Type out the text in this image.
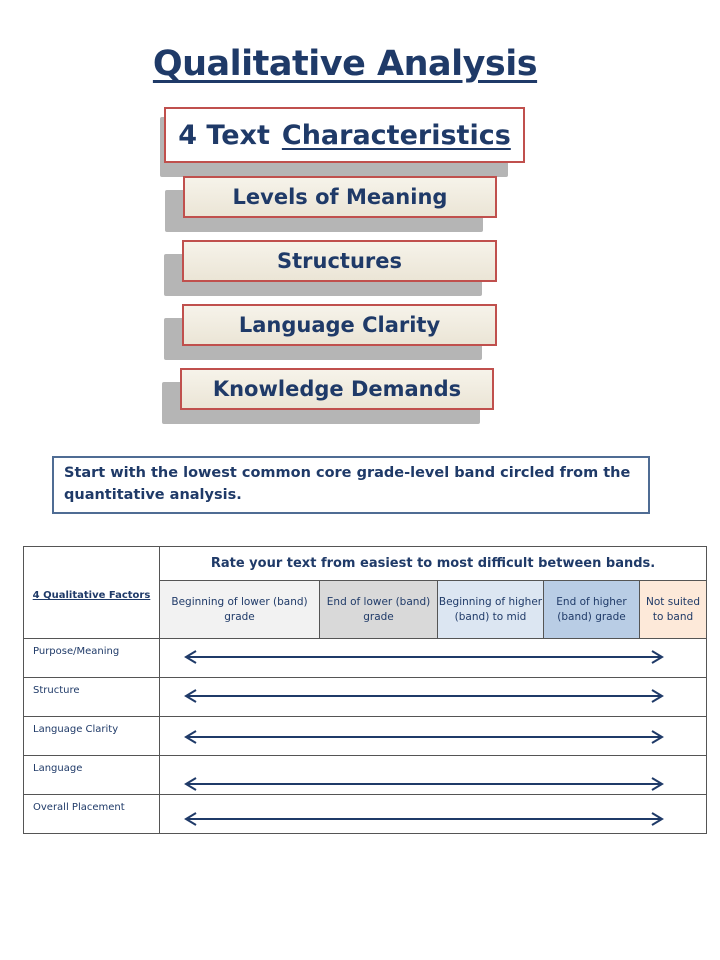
Qualitative Analysis
4 Text Characteristics
Levels of Meaning
Structures
Language Clarity
Knowledge Demands
Start with the lowest common core grade-level band circled from the quantitative analysis.
4 Qualitative Factors	Rate your text from easiest to most difficult between bands.				
	Beginning of lower (band) grade	End of lower (band) grade	Beginning of higher (band) to mid	End of higher (band) grade	Not suited to band
Purpose/Meaning	

Structure	

Language Clarity	

Language	

Overall Placement	
